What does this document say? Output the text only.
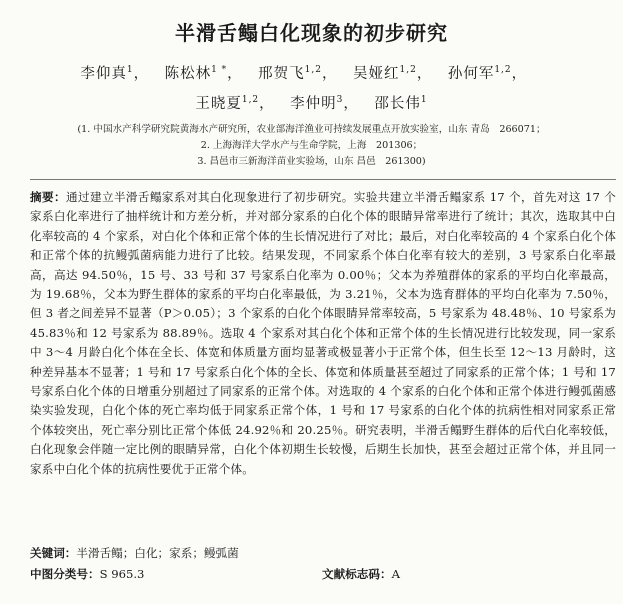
半滑舌鳎白化现象的初步研究
李仰真$^1$， 陈松林$^{1 *}$， 邢贺飞$^{1,2}$， 吴娅红$^{1,2}$， 孙何军$^{1,2}$， 
王晓夏$^{1,2}$， 李仲明$^3$， 邵长伟$^1$
(1. 中国水产科学研究院黄海水产研究所，农业部海洋渔业可持续发展重点开放实验室，山东 青岛　266071；
2. 上海海洋大学水产与生命学院，上海　201306；
3. 昌邑市三新海洋苗业实验场，山东 昌邑　261300)
摘要：通过建立半滑舌鳎家系对其白化现象进行了初步研究。实验共建立半滑舌鳎家系 17 个，首先对这 17 个家系白化率进行了抽样统计和方差分析，并对部分家系的白化个体的眼睛异常率进行了统计；其次，选取其中白化率较高的 4 个家系，对白化个体和正常个体的生长情况进行了对比；最后，对白化率较高的 4 个家系白化个体和正常个体的抗鳗弧菌病能力进行了比较。结果发现，不同家系个体白化率有较大的差别，3 号家系白化率最高，高达 94.50％，15 号、33 号和 37 号家系白化率为 0.00％；父本为养殖群体的家系的平均白化率最高，为 19.68％，父本为野生群体的家系的平均白化率最低，为 3.21％，父本为选育群体的平均白化率为 7.50％，但 3 者之间差异不显著（P＞0.05）；3 个家系的白化个体眼睛异常率较高，5 号家系为 48.48％、10 号家系为 45.83％和 12 号家系为 88.89％。选取 4 个家系对其白化个体和正常个体的生长情况进行比较发现，同一家系中 3～4 月龄白化个体在全长、体宽和体质量方面均显著或极显著小于正常个体，但生长至 12～13 月龄时，这种差异基本不显著；1 号和 17 号家系白化个体的全长、体宽和体质量甚至超过了同家系的正常个体；1 号和 17 号家系白化个体的日增重分别超过了同家系的正常个体。对选取的 4 个家系的白化个体和正常个体进行鳗弧菌感染实验发现，白化个体的死亡率均低于同家系正常个体，1 号和 17 号家系的白化个体的抗病性相对同家系正常个体较突出，死亡率分别比正常个体低 24.92％和 20.25％。研究表明，半滑舌鳎野生群体的后代白化率较低，白化现象会伴随一定比例的眼睛异常，白化个体初期生长较慢，后期生长加快，甚至会超过正常个体，并且同一家系中白化个体的抗病性要优于正常个体。
关键词：半滑舌鳎；白化；家系；鳗弧菌
中图分类号：S 965.3	文献标志码：A
